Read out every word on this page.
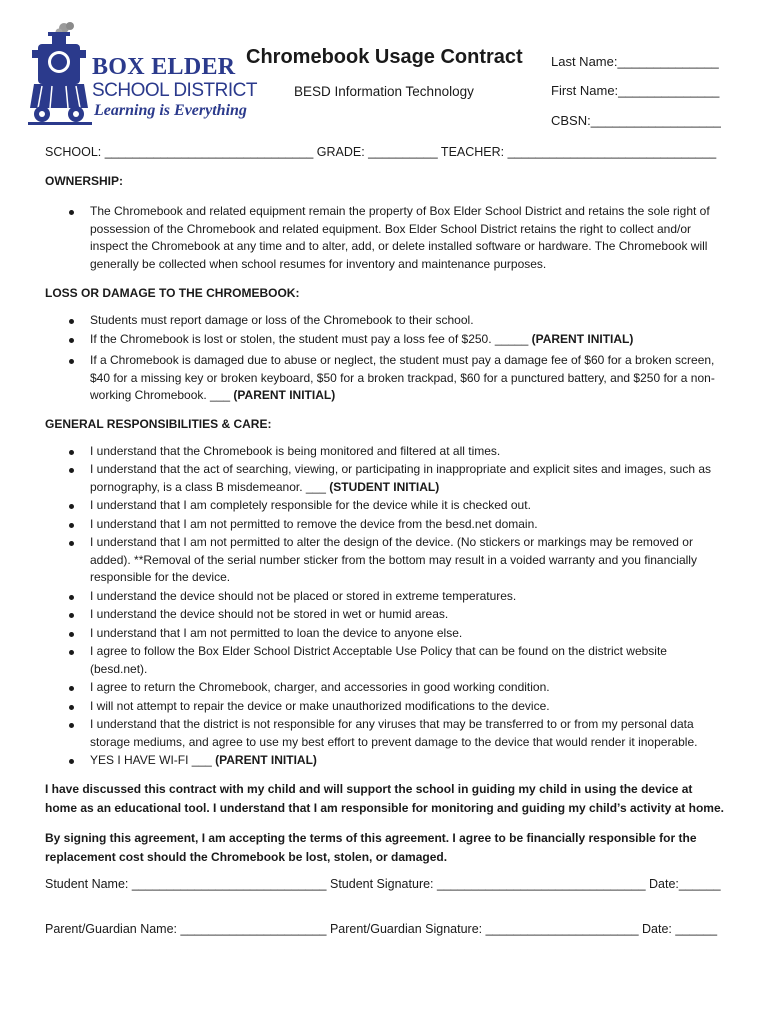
BOX ELDER
SCHOOL DISTRICT
Learning is Everything
Chromebook Usage Contract
BESD Information Technology
Last Name:______________
First Name:______________
CBSN:__________________
SCHOOL: ______________________________ GRADE: __________ TEACHER: ______________________________

OWNERSHIP:

The Chromebook and related equipment remain the property of Box Elder School District and retains the sole right of possession of the Chromebook and related equipment. Box Elder School District retains the right to collect and/or inspect the Chromebook at any time and to alter, add, or delete installed software or hardware. The Chromebook will generally be collected when school resumes for inventory and maintenance purposes.

LOSS OR DAMAGE TO THE CHROMEBOOK:

Students must report damage or loss of the Chromebook to their school.
If the Chromebook is lost or stolen, the student must pay a loss fee of $250. _____ (PARENT INITIAL)
If a Chromebook is damaged due to abuse or neglect, the student must pay a damage fee of $60 for a broken screen, $40 for a missing key or broken keyboard, $50 for a broken trackpad, $60 for a punctured battery, and $250 for a non-working Chromebook. ___ (PARENT INITIAL)

GENERAL RESPONSIBILITIES & CARE:

I understand that the Chromebook is being monitored and filtered at all times.
I understand that the act of searching, viewing, or participating in inappropriate and explicit sites and images, such as pornography, is a class B misdemeanor. ___ (STUDENT INITIAL)
I understand that I am completely responsible for the device while it is checked out.
I understand that I am not permitted to remove the device from the besd.net domain.
I understand that I am not permitted to alter the design of the device. (No stickers or markings may be removed or added). **Removal of the serial number sticker from the bottom may result in a voided warranty and you financially responsible for the device.
I understand the device should not be placed or stored in extreme temperatures.
I understand the device should not be stored in wet or humid areas.
I understand that I am not permitted to loan the device to anyone else.
I agree to follow the Box Elder School District Acceptable Use Policy that can be found on the district website (besd.net).
I agree to return the Chromebook, charger, and accessories in good working condition.
I will not attempt to repair the device or make unauthorized modifications to the device.
I understand that the district is not responsible for any viruses that may be transferred to or from my personal data storage mediums, and agree to use my best effort to prevent damage to the device that would render it inoperable.
YES I HAVE WI-FI ___ (PARENT INITIAL)

I have discussed this contract with my child and will support the school in guiding my child in using the device at home as an educational tool. I understand that I am responsible for monitoring and guiding my child’s activity at home.

By signing this agreement, I am accepting the terms of this agreement. I agree to be financially responsible for the replacement cost should the Chromebook be lost, stolen, or damaged.

Student Name: ____________________________ Student Signature: ______________________________ Date:______
Parent/Guardian Name: _____________________ Parent/Guardian Signature: ______________________ Date: ______
